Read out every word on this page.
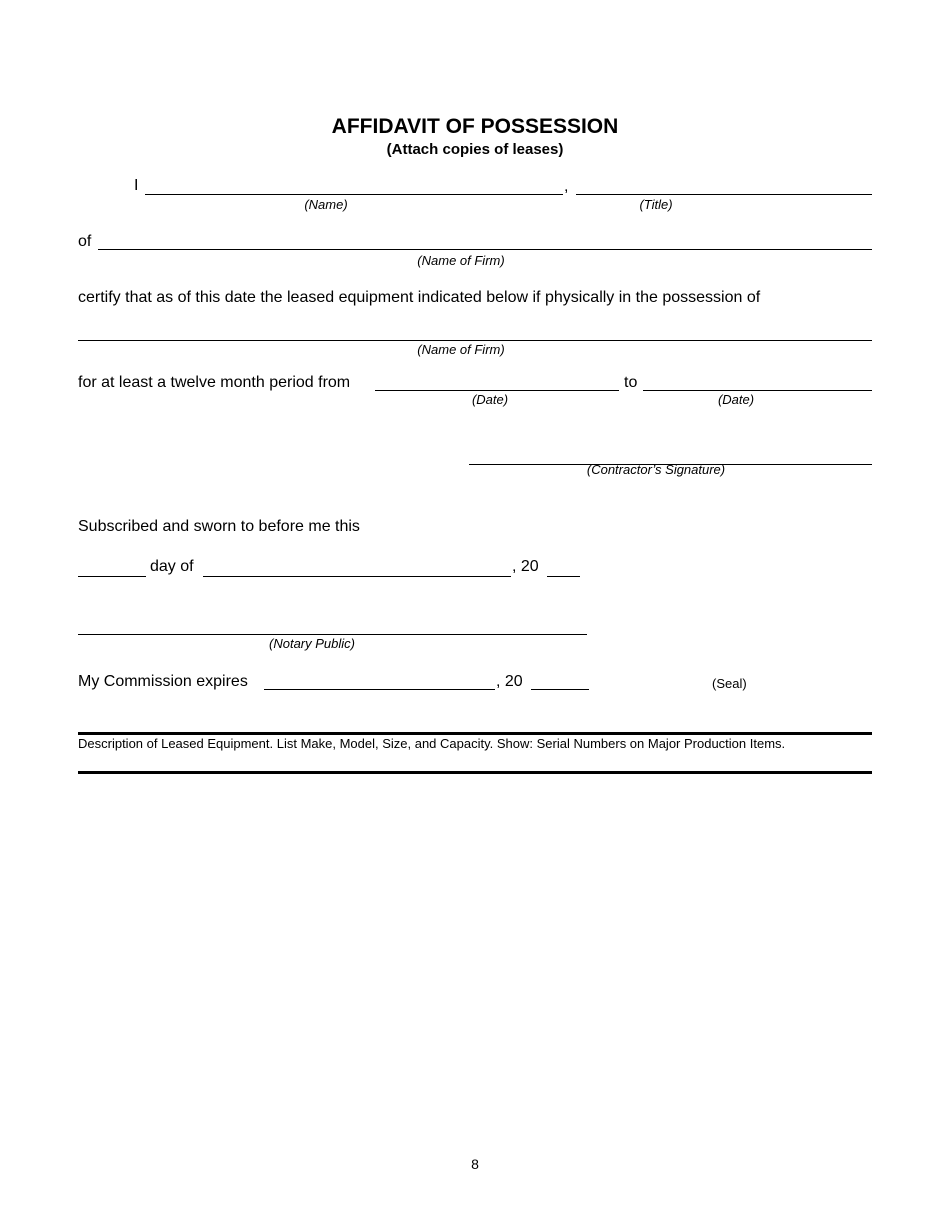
AFFIDAVIT OF POSSESSION
(Attach copies of leases)
I	,
(Name)	(Title)
of
(Name of Firm)
certify that as of this date the leased equipment indicated below if physically in the possession of
(Name of Firm)
for at least a twelve month period from	to
(Date)	(Date)
(Contractor’s Signature)
Subscribed and sworn to before me this
day of	, 20
(Notary Public)
My Commission expires	, 20	(Seal)
Description of Leased Equipment. List Make, Model, Size, and Capacity. Show: Serial Numbers on Major Production Items.
8
